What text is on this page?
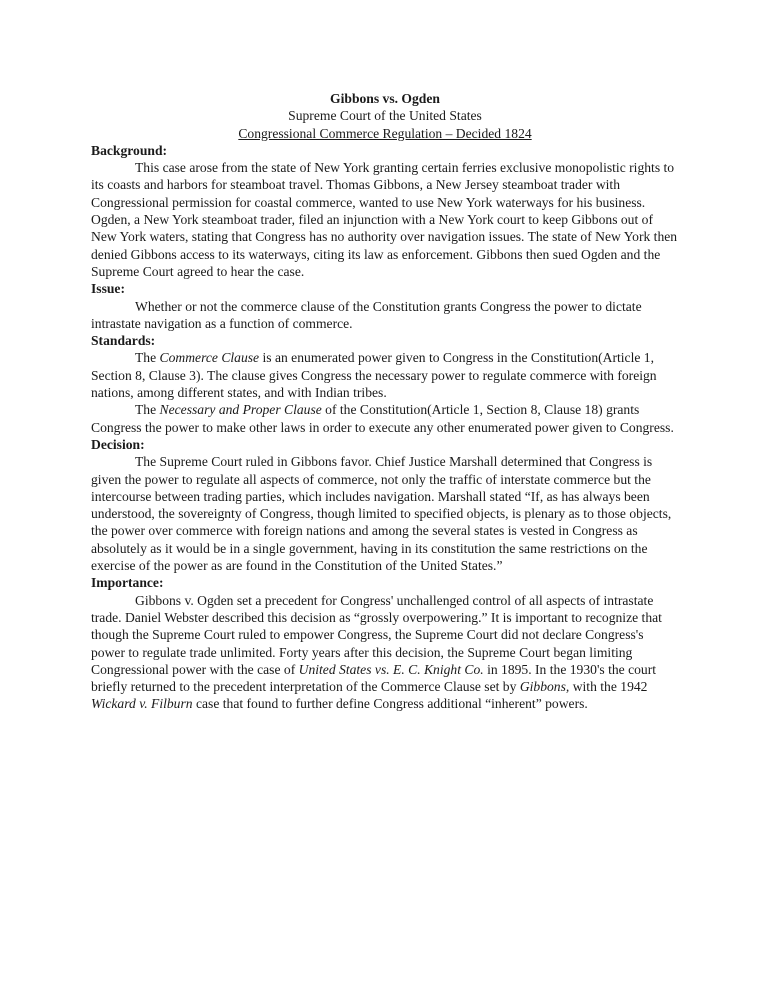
Gibbons vs. Ogden
Supreme Court of the United States
Congressional Commerce Regulation – Decided 1824
Background:

This case arose from the state of New York granting certain ferries exclusive monopolistic rights to its coasts and harbors for steamboat travel. Thomas Gibbons, a New Jersey steamboat trader with Congressional permission for coastal commerce, wanted to use New York waterways for his business. Ogden, a New York steamboat trader, filed an injunction with a New York court to keep Gibbons out of New York waters, stating that Congress has no authority over navigation issues. The state of New York then denied Gibbons access to its waterways, citing its law as enforcement. Gibbons then sued Ogden and the Supreme Court agreed to hear the case.

Issue:

Whether or not the commerce clause of the Constitution grants Congress the power to dictate intrastate navigation as a function of commerce.

Standards:

The Commerce Clause is an enumerated power given to Congress in the Constitution(Article 1, Section 8, Clause 3). The clause gives Congress the necessary power to regulate commerce with foreign nations, among different states, and with Indian tribes.

The Necessary and Proper Clause of the Constitution(Article 1, Section 8, Clause 18) grants Congress the power to make other laws in order to execute any other enumerated power given to Congress.

Decision:

The Supreme Court ruled in Gibbons favor. Chief Justice Marshall determined that Congress is given the power to regulate all aspects of commerce, not only the traffic of interstate commerce but the intercourse between trading parties, which includes navigation. Marshall stated “If, as has always been understood, the sovereignty of Congress, though limited to specified objects, is plenary as to those objects, the power over commerce with foreign nations and among the several states is vested in Congress as absolutely as it would be in a single government, having in its constitution the same restrictions on the exercise of the power as are found in the Constitution of the United States.”

Importance:

Gibbons v. Ogden set a precedent for Congress' unchallenged control of all aspects of intrastate trade. Daniel Webster described this decision as “grossly overpowering.” It is important to recognize that though the Supreme Court ruled to empower Congress, the Supreme Court did not declare Congress's power to regulate trade unlimited. Forty years after this decision, the Supreme Court began limiting Congressional power with the case of United States vs. E. C. Knight Co. in 1895. In the 1930's the court briefly returned to the precedent interpretation of the Commerce Clause set by Gibbons, with the 1942 Wickard v. Filburn case that found to further define Congress additional “inherent” powers.
